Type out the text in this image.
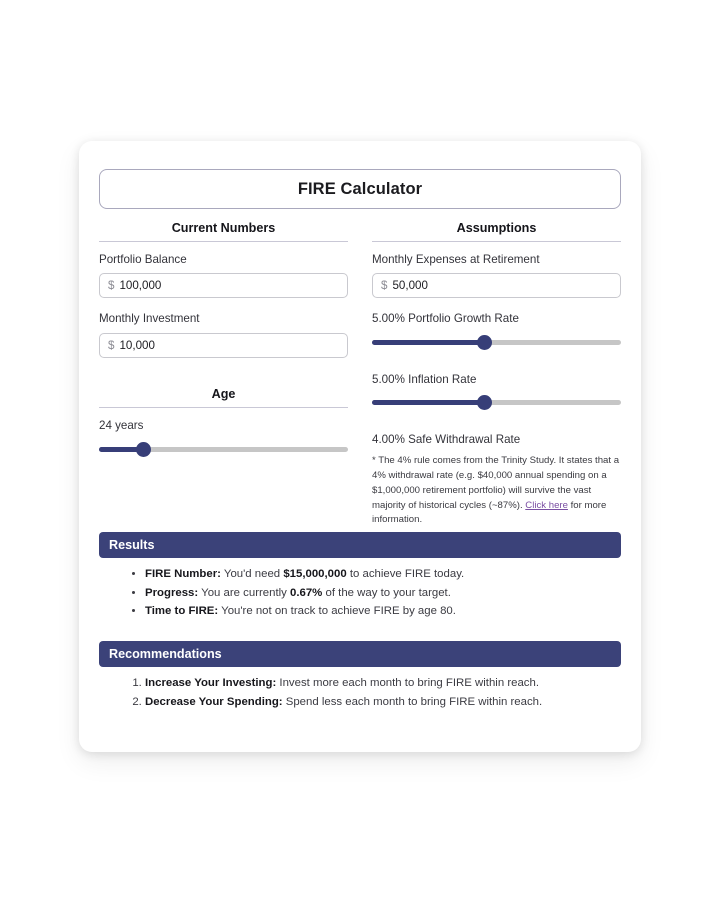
FIRE Calculator
Current Numbers
Portfolio Balance
$ 100,000
Monthly Investment
$ 10,000
Age
24 years
Assumptions
Monthly Expenses at Retirement
$ 50,000
5.00% Portfolio Growth Rate
5.00% Inflation Rate
4.00% Safe Withdrawal Rate

* The 4% rule comes from the Trinity Study. It states that a 4% withdrawal rate (e.g. $40,000 annual spending on a $1,000,000 retirement portfolio) will survive the vast majority of historical cycles (~87%). Click here for more information.

Results
• FIRE Number: You'd need $15,000,000 to achieve FIRE today.
• Progress: You are currently 0.67% of the way to your target.
• Time to FIRE: You're not on track to achieve FIRE by age 80.
Recommendations
1. Increase Your Investing: Invest more each month to bring FIRE within reach.
2. Decrease Your Spending: Spend less each month to bring FIRE within reach.
